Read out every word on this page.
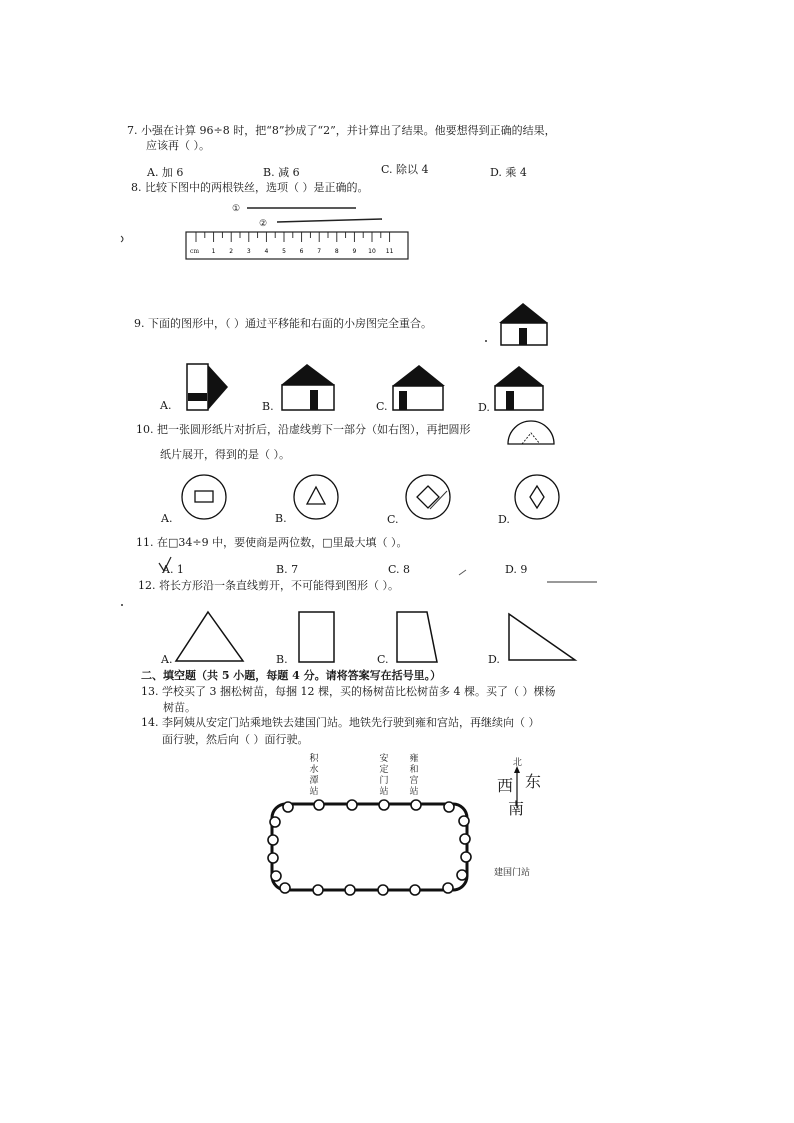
7. 小强在计算 96÷8 时，把“8”抄成了“2”，并计算出了结果。他要想得到正确的结果，
应该再（ ）。
A. 加 6	B. 减 6	C. 除以 4	D. 乘 4
8. 比较下图中的两根铁丝，选项（ ）是正确的。
①
②
cm 1 2 3 4 5 6 7 8 9 10 11
9. 下面的图形中，（ ）通过平移能和右面的小房图完全重合。
A.	B.	C.	D.
10. 把一张圆形纸片对折后，沿虚线剪下一部分（如右图），再把圆形
纸片展开，得到的是（ ）。
A.	B.	C.	D.
11. 在□34÷9 中，要使商是两位数，□里最大填（ ）。
A. 1	B. 7	C. 8	D. 9
12. 将长方形沿一条直线剪开，不可能得到图形（ ）。
A.	B.	C.	D.
二、填空题（共 5 小题，每题 4 分。请将答案写在括号里。）
13. 学校买了 3 捆松树苗，每捆 12 棵，买的杨树苗比松树苗多 4 棵。买了（ ）棵杨
树苗。
14. 李阿姨从安定门站乘地铁去建国门站。地铁先行驶到雍和宫站，再继续向（ ）
面行驶，然后向（ ）面行驶。
积水潭站
安定门站
雍和宫站
建国门站
北
东
西
南
